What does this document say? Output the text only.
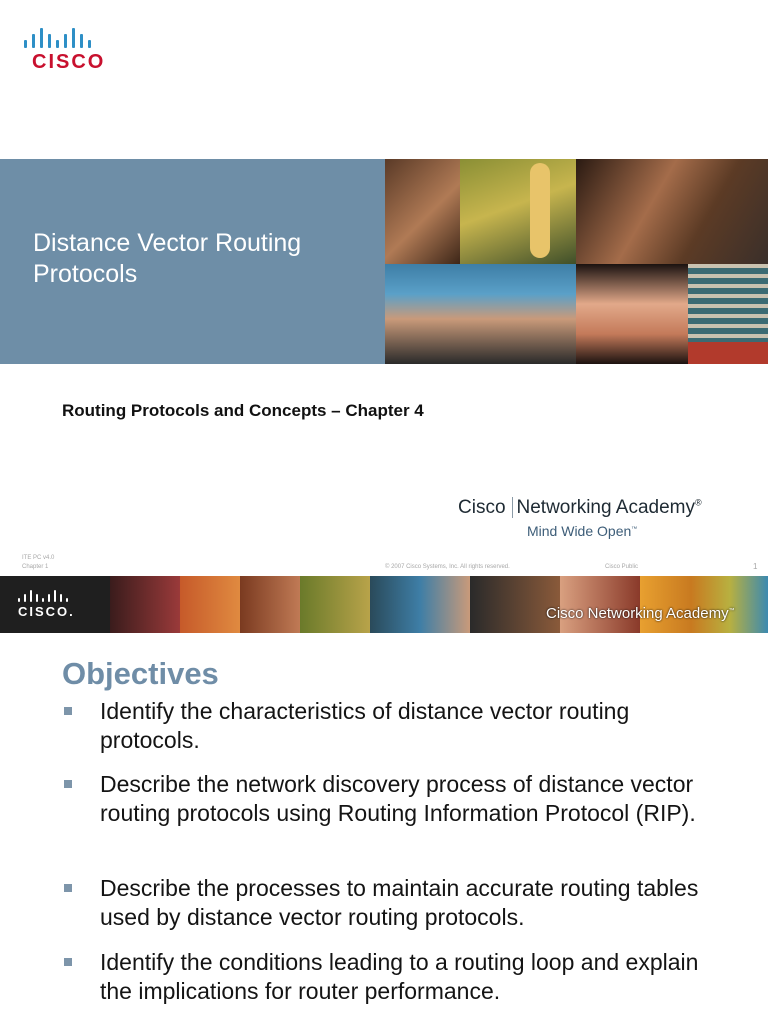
CISCO
Distance Vector Routing Protocols
Routing Protocols and Concepts – Chapter 4
Cisco Networking Academy®
Mind Wide Open™
ITE PC v4.0
Chapter 1	© 2007 Cisco Systems, Inc. All rights reserved.	Cisco Public	1
CISCO.	Cisco Networking Academy™
Objectives
Identify the characteristics of distance vector routing protocols.
Describe the network discovery process of distance vector routing protocols using Routing Information Protocol (RIP).
Describe the processes to maintain accurate routing tables used by distance vector routing protocols.
Identify the conditions leading to a routing loop and explain the implications for router performance.
